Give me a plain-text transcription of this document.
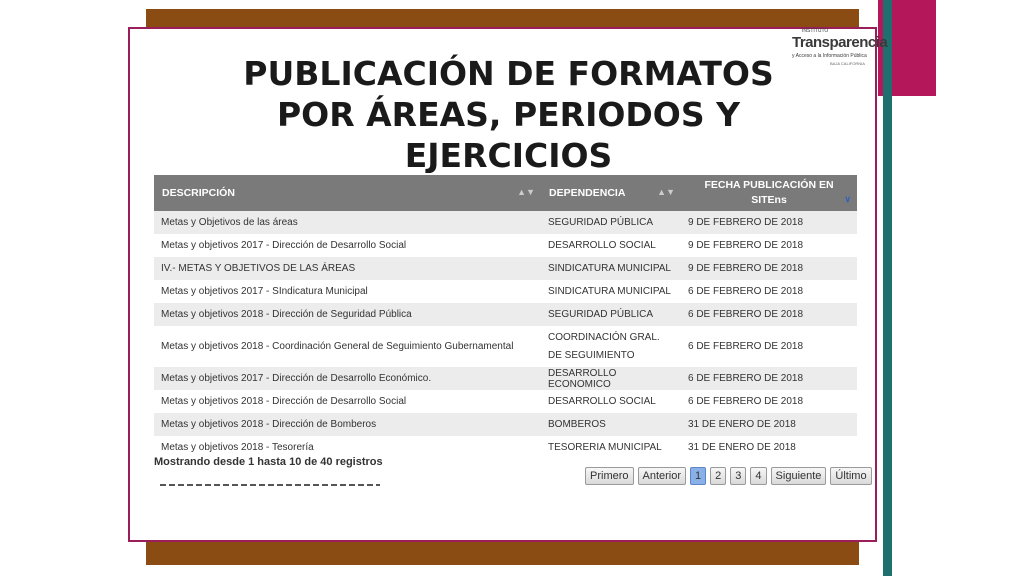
INSTITUTO
Transparencia
y Acceso a la Información Pública
BAJA CALIFORNIA
PUBLICACIÓN DE FORMATOS
POR ÁREAS, PERIODOS Y
EJERCICIOS
DESCRIPCIÓN ▲▼	DEPENDENCIA ▲▼	FECHA PUBLICACIÓN EN SITEns ∨

Metas y Objetivos de las áreas	SEGURIDAD PÚBLICA	9 DE FEBRERO DE 2018
Metas y objetivos 2017 - Dirección de Desarrollo Social	DESARROLLO SOCIAL	9 DE FEBRERO DE 2018
IV.- METAS Y OBJETIVOS DE LAS ÁREAS	SINDICATURA MUNICIPAL	9 DE FEBRERO DE 2018
Metas y objetivos 2017 - SIndicatura Municipal	SINDICATURA MUNICIPAL	6 DE FEBRERO DE 2018
Metas y objetivos 2018 - Dirección de Seguridad Pública	SEGURIDAD PÚBLICA	6 DE FEBRERO DE 2018
Metas y objetivos 2018 - Coordinación General de Seguimiento Gubernamental	COORDINACIÓN GRAL. DE SEGUIMIENTO	6 DE FEBRERO DE 2018
Metas y objetivos 2017 - Dirección de Desarrollo Económico.	DESARROLLO ECONOMICO	6 DE FEBRERO DE 2018
Metas y objetivos 2018 - Dirección de Desarrollo Social	DESARROLLO SOCIAL	6 DE FEBRERO DE 2018
Metas y objetivos 2018 - Dirección de Bomberos	BOMBEROS	31 DE ENERO DE 2018
Metas y objetivos 2018 - Tesorería	TESORERIA MUNICIPAL	31 DE ENERO DE 2018
Mostrando desde 1 hasta 10 de 40 registros
Primero	Anterior	1	2	3	4	Siguiente	Último
